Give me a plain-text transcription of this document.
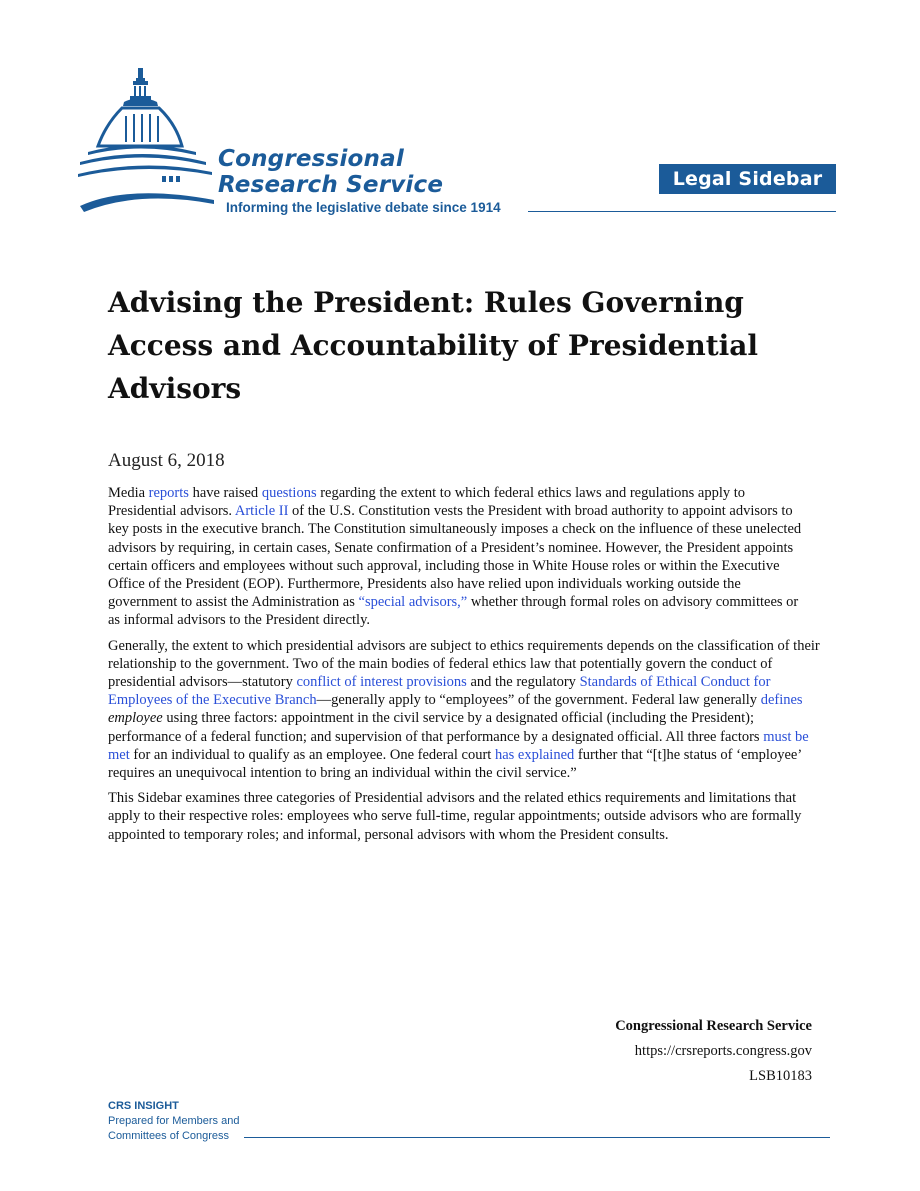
Congressional
Research Service
Informing the legislative debate since 1914
Legal Sidebar
Advising the President: Rules Governing Access and Accountability of Presidential Advisors
August 6, 2018

Media reports have raised questions regarding the extent to which federal ethics laws and regulations apply to Presidential advisors. Article II of the U.S. Constitution vests the President with broad authority to appoint advisors to key posts in the executive branch. The Constitution simultaneously imposes a check on the influence of these unelected advisors by requiring, in certain cases, Senate confirmation of a President’s nominee. However, the President appoints certain officers and employees without such approval, including those in White House roles or within the Executive Office of the President (EOP). Furthermore, Presidents also have relied upon individuals working outside the government to assist the Administration as “special advisors,” whether through formal roles on advisory committees or as informal advisors to the President directly.

Generally, the extent to which presidential advisors are subject to ethics requirements depends on the classification of their relationship to the government. Two of the main bodies of federal ethics law that potentially govern the conduct of presidential advisors—statutory conflict of interest provisions and the regulatory Standards of Ethical Conduct for Employees of the Executive Branch—generally apply to “employees” of the government. Federal law generally defines employee using three factors: appointment in the civil service by a designated official (including the President); performance of a federal function; and supervision of that performance by a designated official. All three factors must be met for an individual to qualify as an employee. One federal court has explained further that “[t]he status of ‘employee’ requires an unequivocal intention to bring an individual within the civil service.”

This Sidebar examines three categories of Presidential advisors and the related ethics requirements and limitations that apply to their respective roles: employees who serve full-time, regular appointments; outside advisors who are formally appointed to temporary roles; and informal, personal advisors with whom the President consults.

Congressional Research Service
https://crsreports.congress.gov
LSB10183
CRS INSIGHT
Prepared for Members and
Committees of Congress
